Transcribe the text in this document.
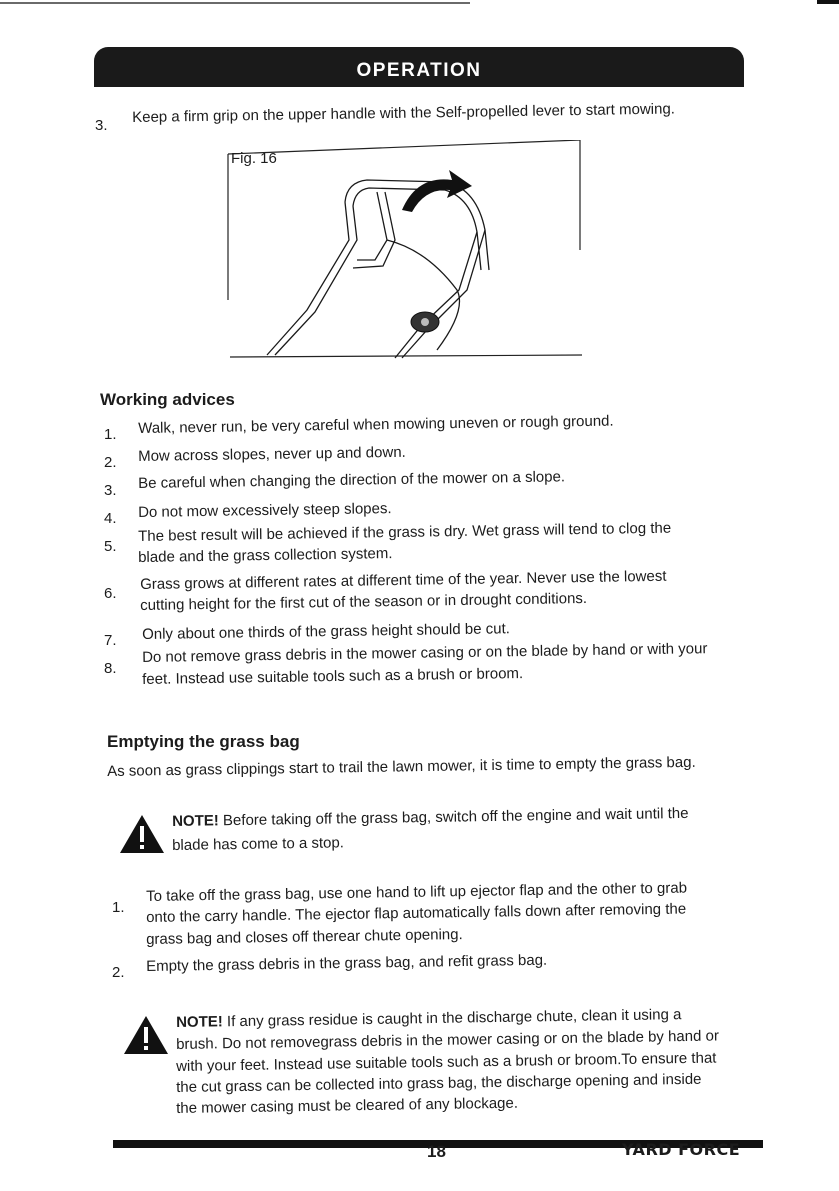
OPERATION
3. Keep a firm grip on the upper handle with the Self-propelled lever to start mowing.
Fig. 16
Working advices
1. Walk, never run, be very careful when mowing uneven or rough ground.
2. Mow across slopes, never up and down.
3. Be careful when changing the direction of the mower on a slope.
4. Do not mow excessively steep slopes.
5.
The best result will be achieved if the grass is dry. Wet grass will tend to clog the
blade and the grass collection system.
6.
Grass grows at different rates at different time of the year. Never use the lowest
cutting height for the first cut of the season or in drought conditions.
7. Only about one thirds of the grass height should be cut.
8.
Do not remove grass debris in the mower casing or on the blade by hand or with your
feet. Instead use suitable tools such as a brush or broom.
Emptying the grass bag
As soon as grass clippings start to trail the lawn mower, it is time to empty the grass bag.
NOTE! Before taking off the grass bag, switch off the engine and wait until the
blade has come to a stop.
1.
To take off the grass bag, use one hand to lift up ejector flap and the other to grab
onto the carry handle. The ejector flap automatically falls down after removing the
grass bag and closes off therear chute opening.
2. Empty the grass debris in the grass bag, and refit grass bag.
NOTE! If any grass residue is caught in the discharge chute, clean it using a
brush. Do not removegrass debris in the mower casing or on the blade by hand or
with your feet. Instead use suitable tools such as a brush or broom.To ensure that
the cut grass can be collected into grass bag, the discharge opening and inside
the mower casing must be cleared of any blockage.
18	YARD FORCE
